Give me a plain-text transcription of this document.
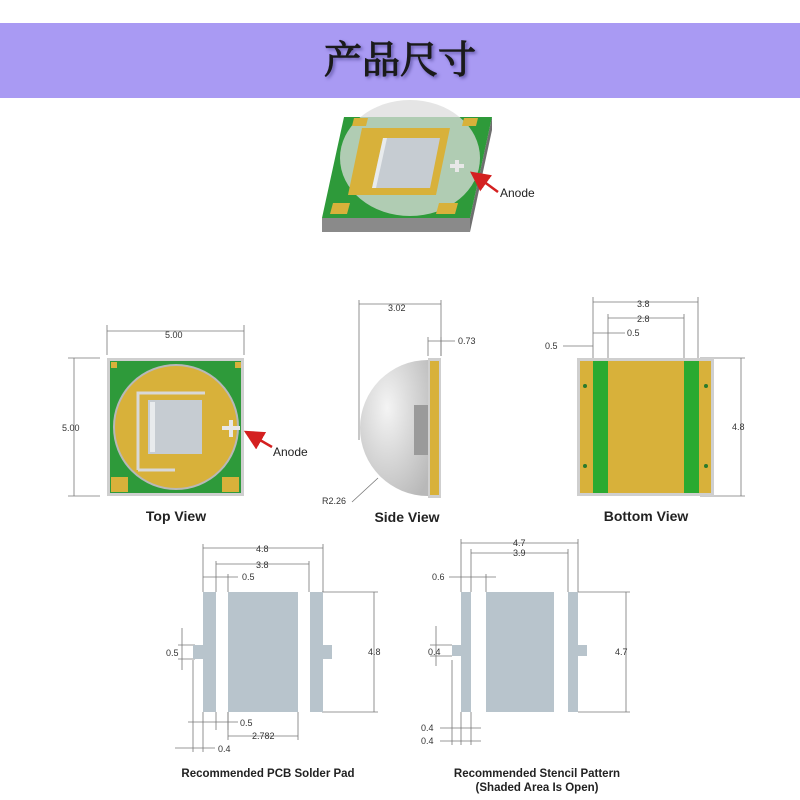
产品尺寸
Anode
5.00
5.00
Anode
Top View
3.02
0.73
R2.26
Side View
3.8
2.8
0.5
0.5
4.8
Bottom View
4.8
3.8
0.5
0.5	4.8
0.5
2.782
0.4
Recommended PCB Solder Pad
4.7
3.9
0.6
0.4	4.7
0.4
0.4
Recommended Stencil Pattern
(Shaded Area Is Open)
